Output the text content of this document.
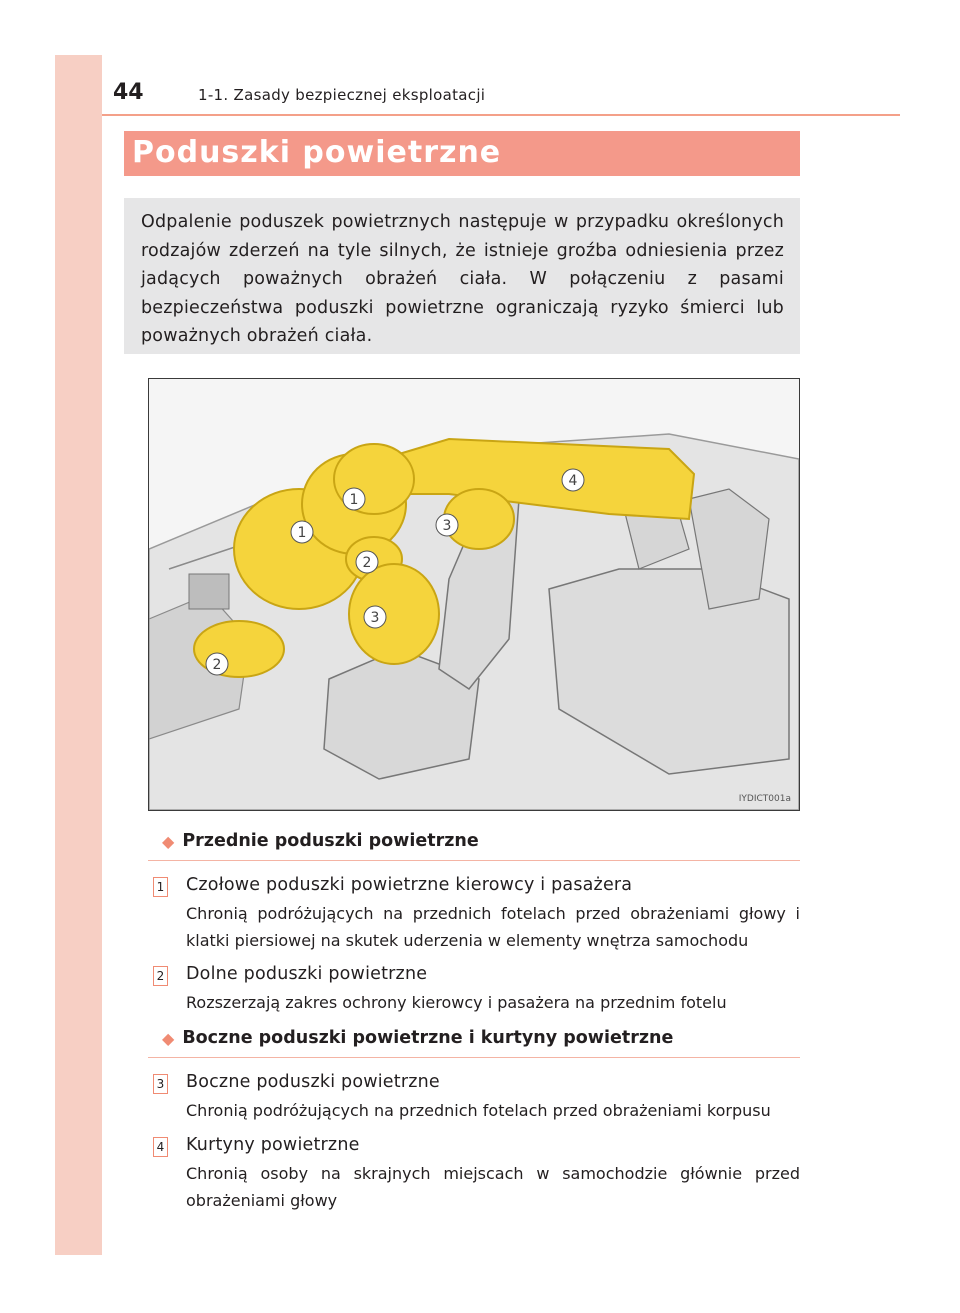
44	1-1. Zasady bezpiecznej eksploatacji
Poduszki powietrzne
Odpalenie poduszek powietrznych następuje w przypadku określonych rodzajów zderzeń na tyle silnych, że istnieje groźba odniesienia przez jadących poważnych obrażeń ciała. W połączeniu z pasami bezpieczeństwa poduszki powietrzne ograniczają ryzyko śmierci lub poważnych obrażeń ciała.
1
1
2
2
3
3
4
IYDICT001a
◆ Przednie poduszki powietrzne
1 Czołowe poduszki powietrzne kierowcy i pasażera
Chronią podróżujących na przednich fotelach przed obrażeniami głowy i klatki piersiowej na skutek uderzenia w elementy wnętrza samochodu
2 Dolne poduszki powietrzne
Rozszerzają zakres ochrony kierowcy i pasażera na przednim fotelu
◆ Boczne poduszki powietrzne i kurtyny powietrzne
3 Boczne poduszki powietrzne
Chronią podróżujących na przednich fotelach przed obrażeniami korpusu
4 Kurtyny powietrzne
Chronią osoby na skrajnych miejscach w samochodzie głównie przed obrażeniami głowy
